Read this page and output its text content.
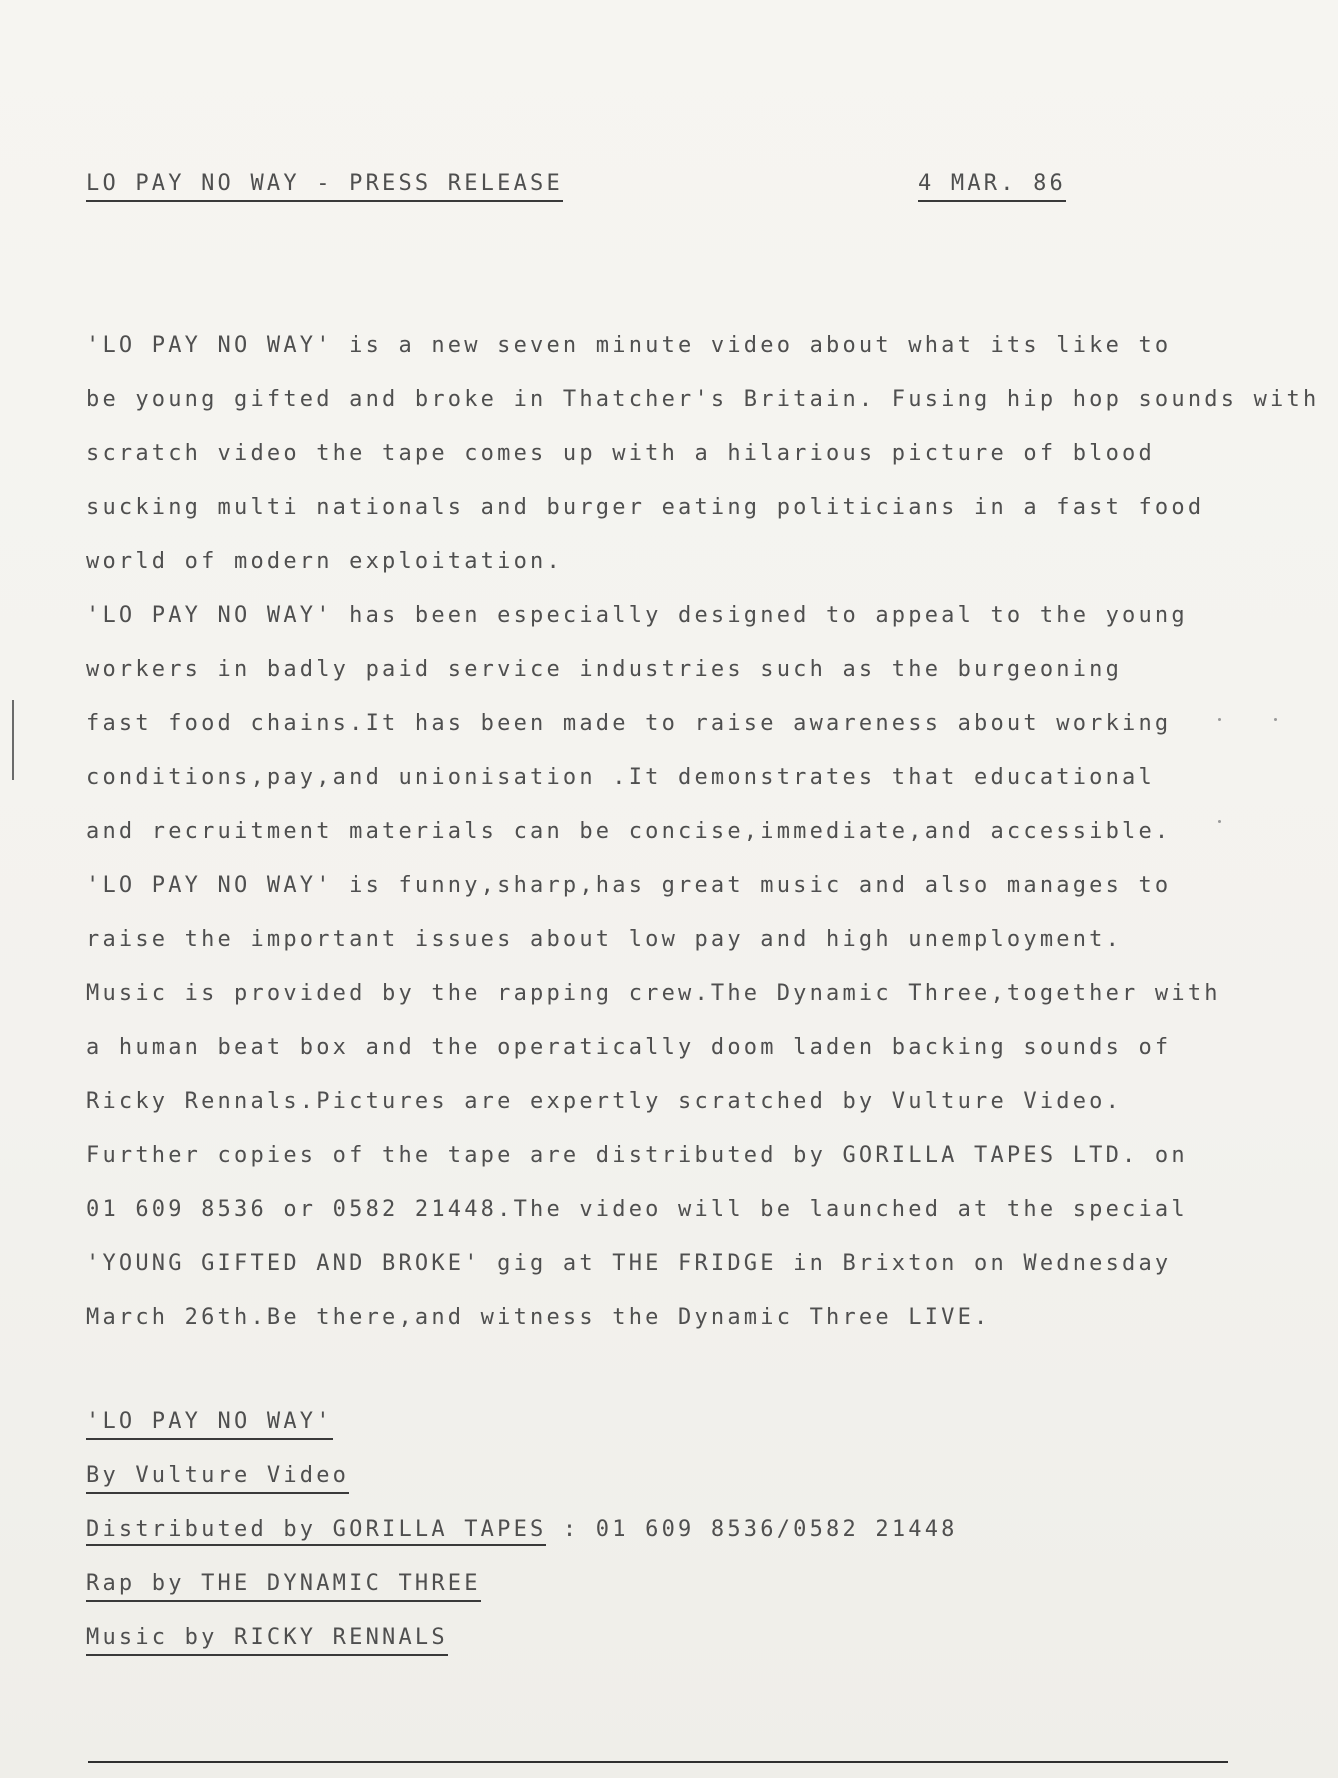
LO PAY NO WAY - PRESS RELEASE	4 MAR. 86
'LO PAY NO WAY' is a new seven minute video about what its like to
be young gifted and broke in Thatcher's Britain. Fusing hip hop sounds with
scratch video the tape comes up with a hilarious picture of blood
sucking multi nationals and burger eating politicians in a fast food
world of modern exploitation.
'LO PAY NO WAY' has been especially designed to appeal to the young
workers in badly paid service industries such as the burgeoning
fast food chains.It has been made to raise awareness about working
conditions,pay,and unionisation .It demonstrates that educational
and recruitment materials can be concise,immediate,and accessible.
'LO PAY NO WAY' is funny,sharp,has great music and also manages to
raise the important issues about low pay and high unemployment.
Music is provided by the rapping crew.The Dynamic Three,together with
a human beat box and the operatically doom laden backing sounds of
Ricky Rennals.Pictures are expertly scratched by Vulture Video.
Further copies of the tape are distributed by GORILLA TAPES LTD. on
01 609 8536 or 0582 21448.The video will be launched at the special
'YOUNG GIFTED AND BROKE' gig at THE FRIDGE in Brixton on Wednesday
March 26th.Be there,and witness the Dynamic Three LIVE.
'LO PAY NO WAY'
By Vulture Video
Distributed by GORILLA TAPES : 01 609 8536/0582 21448
Rap by THE DYNAMIC THREE
Music by RICKY RENNALS
